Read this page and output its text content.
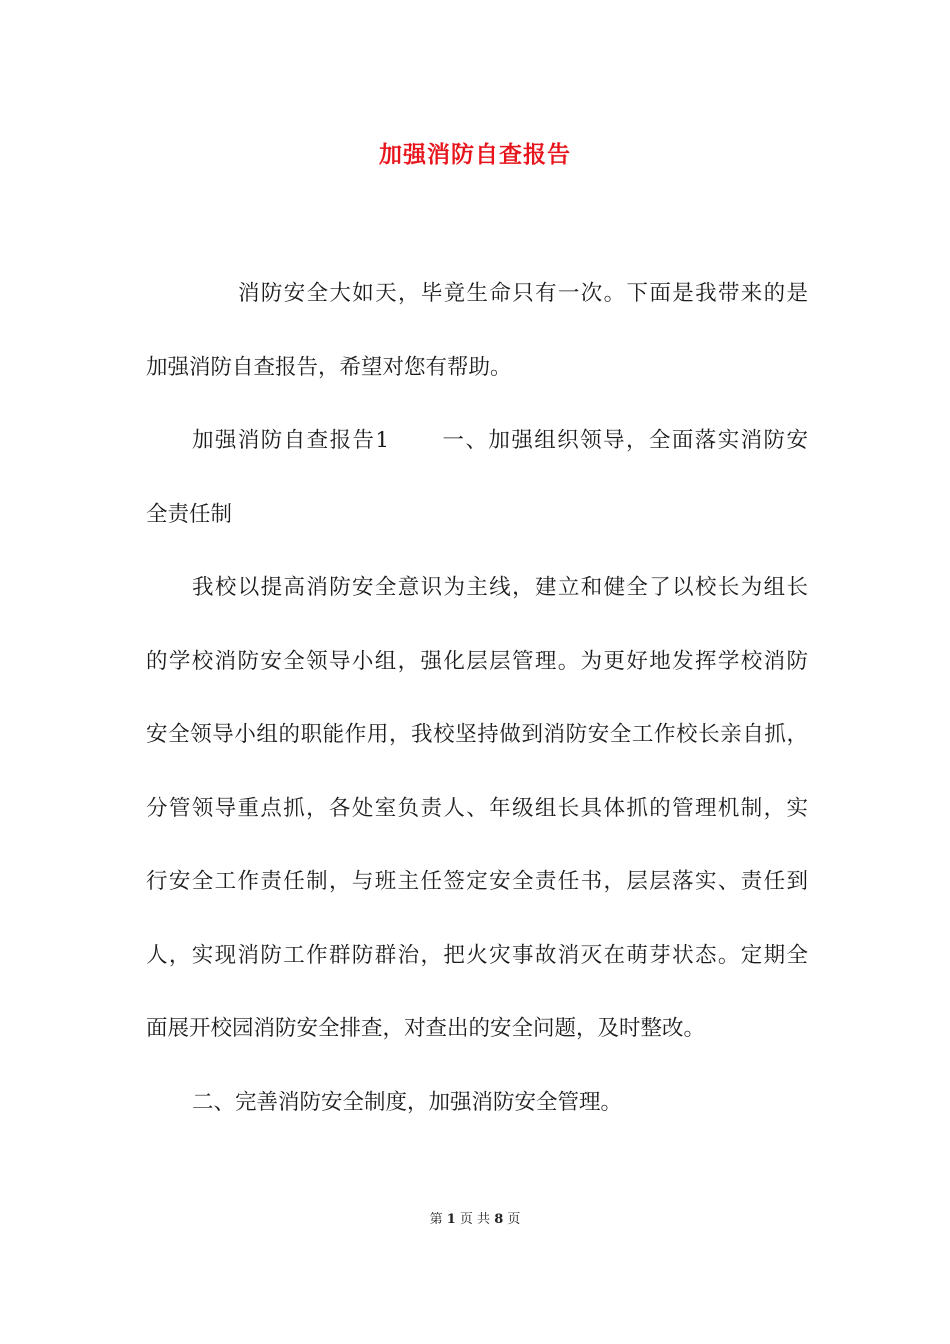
加强消防自查报告
消防安全大如天，毕竟生命只有一次。下面是我带来的是
加强消防自查报告，希望对您有帮助。
加强消防自查报告1 一、加强组织领导，全面落实消防安
全责任制
我校以提高消防安全意识为主线，建立和健全了以校长为组长
的学校消防安全领导小组，强化层层管理。为更好地发挥学校消防
安全领导小组的职能作用，我校坚持做到消防安全工作校长亲自抓，
分管领导重点抓，各处室负责人、年级组长具体抓的管理机制，实
行安全工作责任制，与班主任签定安全责任书，层层落实、责任到
人，实现消防工作群防群治，把火灾事故消灭在萌芽状态。定期全
面展开校园消防安全排查，对查出的安全问题，及时整改。
二、完善消防安全制度，加强消防安全管理。
第 1 页 共 8 页
